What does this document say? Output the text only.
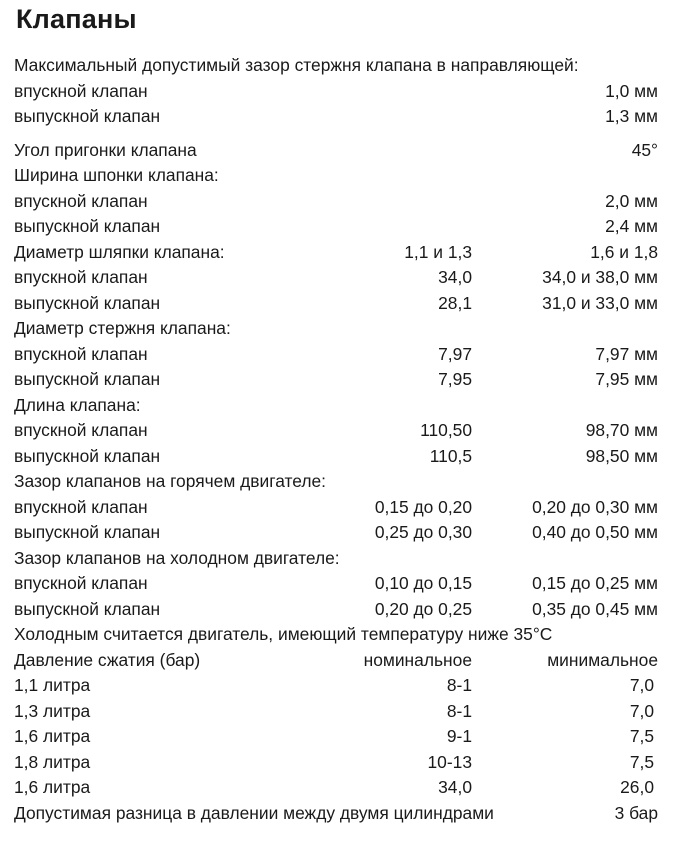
Клапаны
Максимальный допустимый зазор стержня клапана в направляющей:
впускной клапан	1,0 мм
выпускной клапан	1,3 мм
Угол пригонки клапана	45°
Ширина шпонки клапана:
впускной клапан	2,0 мм
выпускной клапан	2,4 мм
Диаметр шляпки клапана:	1,1 и 1,3	1,6 и 1,8
впускной клапан	34,0	34,0 и 38,0 мм
выпускной клапан	28,1	31,0 и 33,0 мм
Диаметр стержня клапана:
впускной клапан	7,97	7,97 мм
выпускной клапан	7,95	7,95 мм
Длина клапана:
впускной клапан	110,50	98,70 мм
выпускной клапан	110,5	98,50 мм
Зазор клапанов на горячем двигателе:
впускной клапан	0,15 до 0,20	0,20 до 0,30 мм
выпускной клапан	0,25 до 0,30	0,40 до 0,50 мм
Зазор клапанов на холодном двигателе:
впускной клапан	0,10 до 0,15	0,15 до 0,25 мм
выпускной клапан	0,20 до 0,25	0,35 до 0,45 мм
Холодным считается двигатель, имеющий температуру ниже 35°С
Давление сжатия (бар)	номинальное	минимальное
1,1 литра	8-1	7,0
1,3 литра	8-1	7,0
1,6 литра	9-1	7,5
1,8 литра	10-13	7,5
1,6 литра	34,0	26,0
Допустимая разница в давлении между двумя цилиндрами	3 бар
